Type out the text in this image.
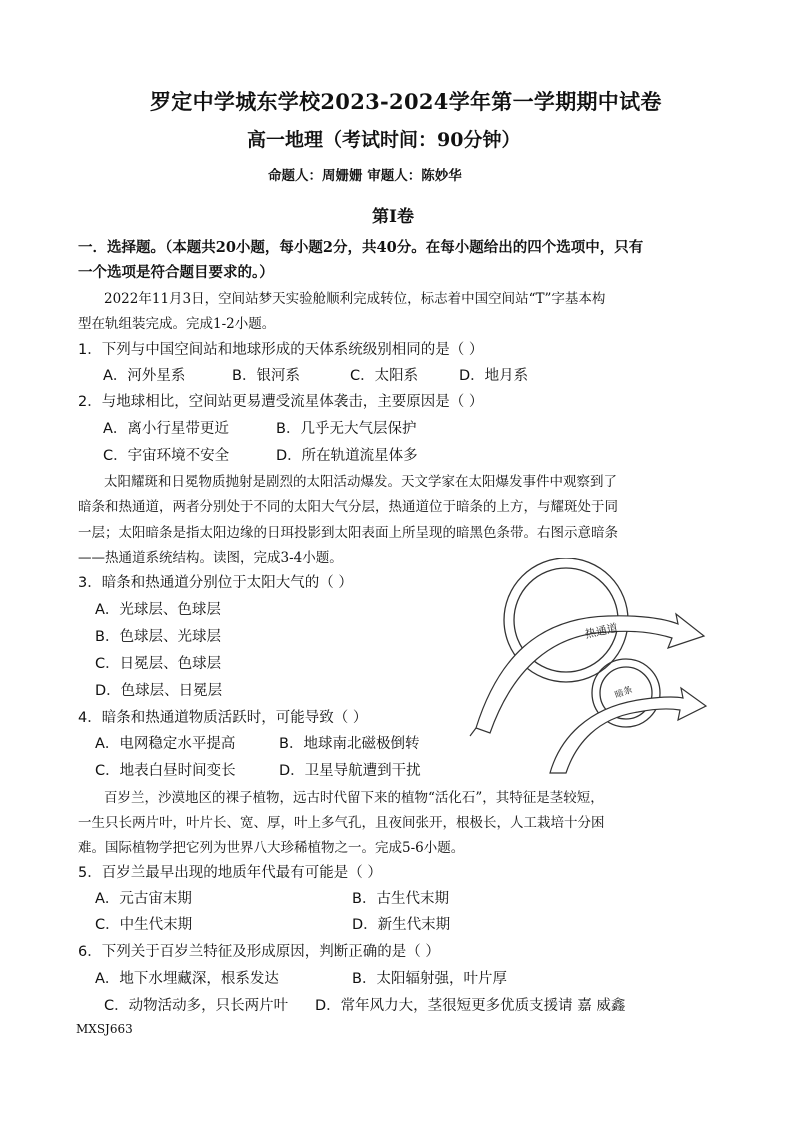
罗定中学城东学校2023-2024学年第一学期期中试卷
高一地理（考试时间：90分钟）
命题人：周姗姗 审题人：陈妙华
第Ⅰ卷
一．选择题。（本题共20小题，每小题2分，共40分。在每小题给出的四个选项中，只有
一个选项是符合题目要求的。）
2022年11月3日，空间站梦天实验舱顺利完成转位，标志着中国空间站“T”字基本构
型在轨组装完成。完成1-2小题。
1．下列与中国空间站和地球形成的天体系统级别相同的是（ ）
A．河外星系	B．银河系	C．太阳系	D．地月系
2．与地球相比，空间站更易遭受流星体袭击，主要原因是（ ）
A．离小行星带更近	B．几乎无大气层保护
C．宇宙环境不安全	D．所在轨道流星体多
太阳耀斑和日冕物质抛射是剧烈的太阳活动爆发。天文学家在太阳爆发事件中观察到了
暗条和热通道，两者分别处于不同的太阳大气分层，热通道位于暗条的上方，与耀斑处于同
一层；太阳暗条是指太阳边缘的日珥投影到太阳表面上所呈现的暗黑色条带。右图示意暗条
——热通道系统结构。读图，完成3-4小题。
3．暗条和热通道分别位于太阳大气的（ ）
A．光球层、色球层
B．色球层、光球层
C．日冕层、色球层
D．色球层、日冕层
热通道
暗条
4．暗条和热通道物质活跃时，可能导致（ ）
A．电网稳定水平提高	B．地球南北磁极倒转
C．地表白昼时间变长	D．卫星导航遭到干扰
百岁兰，沙漠地区的裸子植物，远古时代留下来的植物“活化石”，其特征是茎较短，
一生只长两片叶，叶片长、宽、厚，叶上多气孔，且夜间张开，根极长，人工栽培十分困
难。国际植物学把它列为世界八大珍稀植物之一。完成5-6小题。
5．百岁兰最早出现的地质年代最有可能是（ ）
A．元古宙末期	B．古生代末期
C．中生代末期	D．新生代末期
6．下列关于百岁兰特征及形成原因，判断正确的是（ ）
A．地下水埋藏深，根系发达	B．太阳辐射强，叶片厚
C．动物活动多，只长两片叶 D．常年风力大，茎很短更多优质支援请 嘉 威鑫
MXSJ663
